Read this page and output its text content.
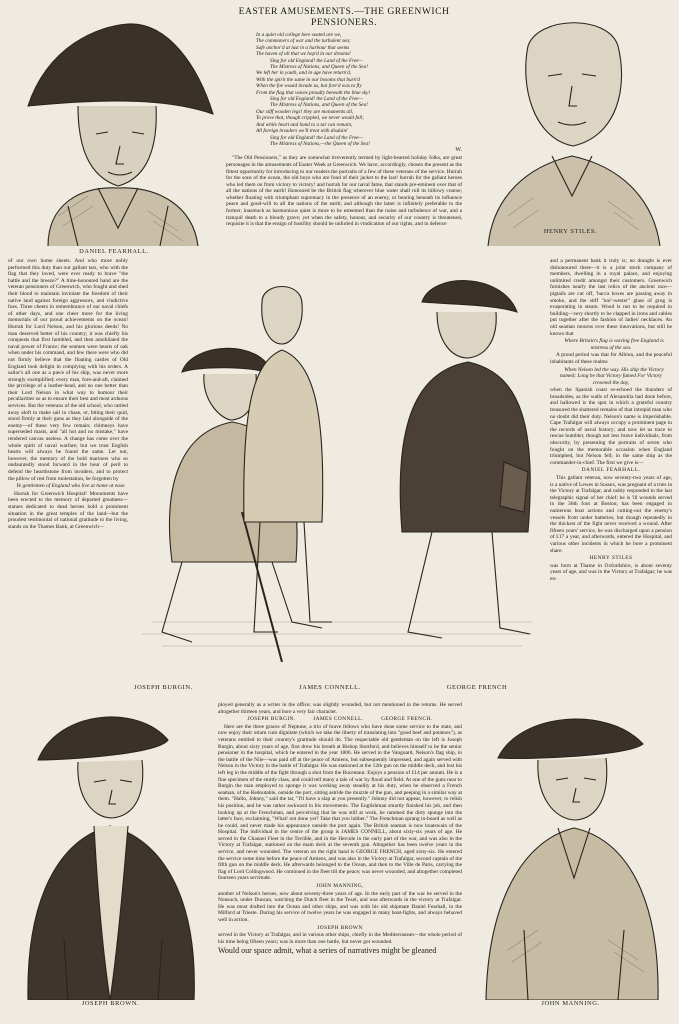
DANIEL FEARHALL.
EASTER AMUSEMENTS.—THE GREENWICH PENSIONERS.
In a quiet old college here seated are we,
The commoners of war and the turbulent sea;
Safe anchor'd at last in a harbour that seems
The haven of all that we hop'd in our dreams!
Sing for old England! the Land of the Free—
The Mistress of Nations, and Queen of the Sea!
We left her in youth, and in age have return'd,
With the spirit the same in our bosoms that burn'd
When the foe would invade us, but fore'd was to fly
From the flag that waves proudly beneath the blue sky!
Sing for old England! the Land of the Free—
The Mistress of Nations, and Queen of the Sea!
Our stiff wooden legs! they are monuments all,
To prove that, though crippled, we never would fall;
And while heart and hand to a tar can remain,
All foreign invaders we'll treat with disdain!
Sing for old England! the Land of the Free—
The Mistress of Nations,—the Queen of the Sea!
W.

"The Old Pensioners," as they are somewhat irreverently termed by light-hearted holiday folks, are great personages in the amusements of Easter Week at Greenwich. We have, accordingly, chosen the present as the fittest opportunity for introducing to our readers the portraits of a few of these veterans of the service. Hurrah for the sons of the ocean, the old boys who are fond of their jacket to the last! hurrah for the gallant heroes who led them on from victory to victory! and hurrah for our naval fame, that stands pre-eminent over that of all the nations of the earth! Honoured be the British flag wherever blue water shall roll its billowy course; whether floating with triumphant supremacy in the presence of an enemy, or bearing beneath its influence peace and good-will to all the nations of the earth; and although the latter is infinitely preferable to the former, inasmuch as harmonious quiet is more to be esteemed than the noise and turbulence of war, and a tranquil death to a bloody grave; yet when the safety, honour, and security of our country is threatened, requisite it is that the ensign of hostility should be unfurled in vindication of our rights, and in defence

HENRY STILES.

of our own home sheets. And who more nobly performed this duty than our gallant tars, who with the flag that they loved, were ever ready to brave "the battle and the breeze?" A time-honoured band are the veteran pensioners of Greenwich, who fought and shed their blood to maintain inviolate the freedom of their native land against foreign aggressors, and vindictive foes. Three cheers in remembrance of our naval chiefs of other days, and one cheer more for the living memorials of our proud achievements on the ocean! Hurrah for Lord Nelson, and his glorious deeds! No man deserved better of his country; it was chiefly his conquests that first humbled, and then annihilated the naval power of France; the seamen were hearts of oak when under his command, and few there were who did not firmly believe that the floating castles of Old England took delight in complying with his orders. A sailor's all one as a piece of his ship, was never more strongly exemplified; every man, fore-and-aft, claimed the privilege of a leather-head, and no one better than their Lord Nelson in what way to humour their peculiarities so as to ensure their best and most arduous services. But the veterans of the old school, who rattled away aloft to make sail in chase, or, biting their quid, stood firmly at their guns as they laid alongside of the enemy—of these very few remain; chimneys have superseded masts, and "all hot and no mistake," have rendered canvas useless. A change has come over the whole spirit of naval warfare; but we trust English hearts will always be found the same. Let not, however, the memory of the bold mariners who so undauntedly stood forward in the hour of peril to defend the hearthstone from invaders, and to protect the pillow of rest from molestation, be forgotten by

Ye gentlemen of England who live at home at ease.

Hurrah for Greenwich Hospital! Monuments have been erected to the memory of departed greatness—statues dedicated to dead heroes hold a prominent situation in the great temples of the land—but the proudest testimonial of national gratitude to the living, stands on the Thames Bank, at Greenwich—

JOSEPH BURGIN.	JAMES CONNELL.	GEORGE FRENCH

and a permanent bank it truly is; no draught is ever dishonoured there—it is a joint stock company of members, dwelling in a royal palace, and enjoying unlimited credit amongst their customers. Greenwich furnishes nearly the last relics of the ancient race—pigtails are cut off, 'bacca boxes are passing away in smoke, and the stiff "nor'-wester" glass of grog is evaporating in steam. Wood is not to be required in building—very shortly to be clapped in irons and cables put together after the fashion of ladies' necklaces. An old seaman mourns over these innovations, but still he knows that

Where Britain's flag is waving free England is mistress of the sea.

A proud period was that for Albion, and the peaceful inhabitants of these realms

When Nelson led the way. His ship the Victory named; Long be that Victory famed For Victory crowned the day,

when the Spanish coast re-echoed the thunders of broadsides, as the walls of Alexandria had done before, and hallowed is the spot in which a grateful country treasured the shattered remains of that intrepid man who no doubt did their duty. Nelson's name is imperishable. Cape Trafalgar will always occupy a prominent page in the records of naval history; and now let us trace to rescue humbler, though not less brave individuals, from obscurity, by presenting the portraits of seven who fought on the memorable occasion when England triumphed, but Nelson fell; in the same ship as the commander-in-chief. The first we give is—

DANIEL FEARHALL.

This gallant veteran, now seventy-two years of age, is a native of Lewes in Sussex, was pregnant of a tries in the Victory at Trafalgar, and nobly responded to the last telegraphic signal of her chief; he is 'ill wounds served in the 36th foot at Boston; has been engaged in numerous boat actions and cutting-out the enemy's vessels from under batteries; but though repeatedly in the thickest of the fight never received a wound. After fifteen years' service, he was discharged upon a pension of £17 a year, and afterwards, entered the Hospital, and various other incidents in which he bore a prominent share.

HENRY STILES

was born at Thame in Oxfordshire, is about seventy years of age, and was in the Victory at Trafalgar; he was en-

JOSEPH BROWN.

ployed generally as a writer in the office; was slightly wounded, but not mentioned in the returns. He served altogether thirteen years, and bore a very fair character.

JOSEPH BURGIN.          JAMES CONNELL.          GEORGE FRENCH.

Here are the three graces of Neptune, a trio of brave fellows who have done some service to the state, and now enjoy their otium cum dignitate (which we take the liberty of translating into "good beef and potatoes"), as veterans entitled to their country's gratitude should do. The respectable old gentleman on the left is Joseph Burgin, about sixty years of age, first drew his breath at Bishop Stortford, and believes himself to be the senior pensioner in the hospital, which he entered in the year 1806. He served in the Vanguard, Nelson's flag ship, in the battle of the Nile—was paid off at the peace of Amiens, but subsequently impressed, and again served with Nelson in the Victory in the battle of Trafalgar. He was stationed at the 12th gun on the middle deck, and lost his left leg in the middle of the fight through a shot from the Bucentaur. Enjoys a pension of £14 per annum. He is a fine specimen of the sturdy class, and could tell many a tale of war by flood and field. At one of the guns near to Burgin the man employed to sponge it was working away steadily at his duty, when he observed a French seaman, of the Redoutable, outside the port, sitting astride the muzzle of the gun, and peeping in a similar way at them. "Hallo, Johnny," said the tar, "I'll have a slap at you presently." Johnny did not appear, however, to relish his position, and he was rather awkward in his movements. The Englishman smartly finished his job, and then looking up at the Frenchman, and perceiving that he was still at work, he rammed the dirty spunge into the latter's face, exclaiming, "What! not done yet? Take that you lubber." The Frenchman sprang in-board as well as he could, and never made his appearance outside the port again. The British seaman is now boatswain of the Hospital. The individual in the centre of the group is JAMES CONNELL, about sixty-six years of age. He served in the Channel Fleet in the Terrible, and in the Hercule in the early part of the war, and was also in the Victory at Trafalgar, stationed on the main deck at the seventh gun. Altogether has been twelve years in the service, and never wounded. The veteran on the right hand is GEORGE FRENCH, aged sixty-six. He entered the service some time before the peace of Amiens, and was also in the Victory at Trafalgar, second captain of the fifth gun on the middle deck. He afterwards belonged to the Ocean, and then to the Ville de Paris, carrying the flag of Lord Collingwood. He continued in the fleet till the peace; was never wounded, and altogether completed fourteen years servitude.

JOHN MANNING,

another of Nelson's heroes, now about seventy-three years of age. In the early part of the war he served in the Nonsuch, under Duncan, watching the Dutch fleet in the Texel, and was afterwards in the victory at Trafalgar. He was most drafted into the Ocean and other ships, and was with his old shipmate Daniel Fearhall, in the Milford at Trieste. During his service of twelve years he was engaged in many boat-fights, and always behaved well in action.

JOSEPH BROWN

served in the Victory at Trafalgar, and in various other ships, chiefly in the Mediterranean—the whole period of his time being fifteen years; was in more than one battle, but never got wounded.

Would our space admit, what a series of narratives might be gleaned

JOHN MANNING.
